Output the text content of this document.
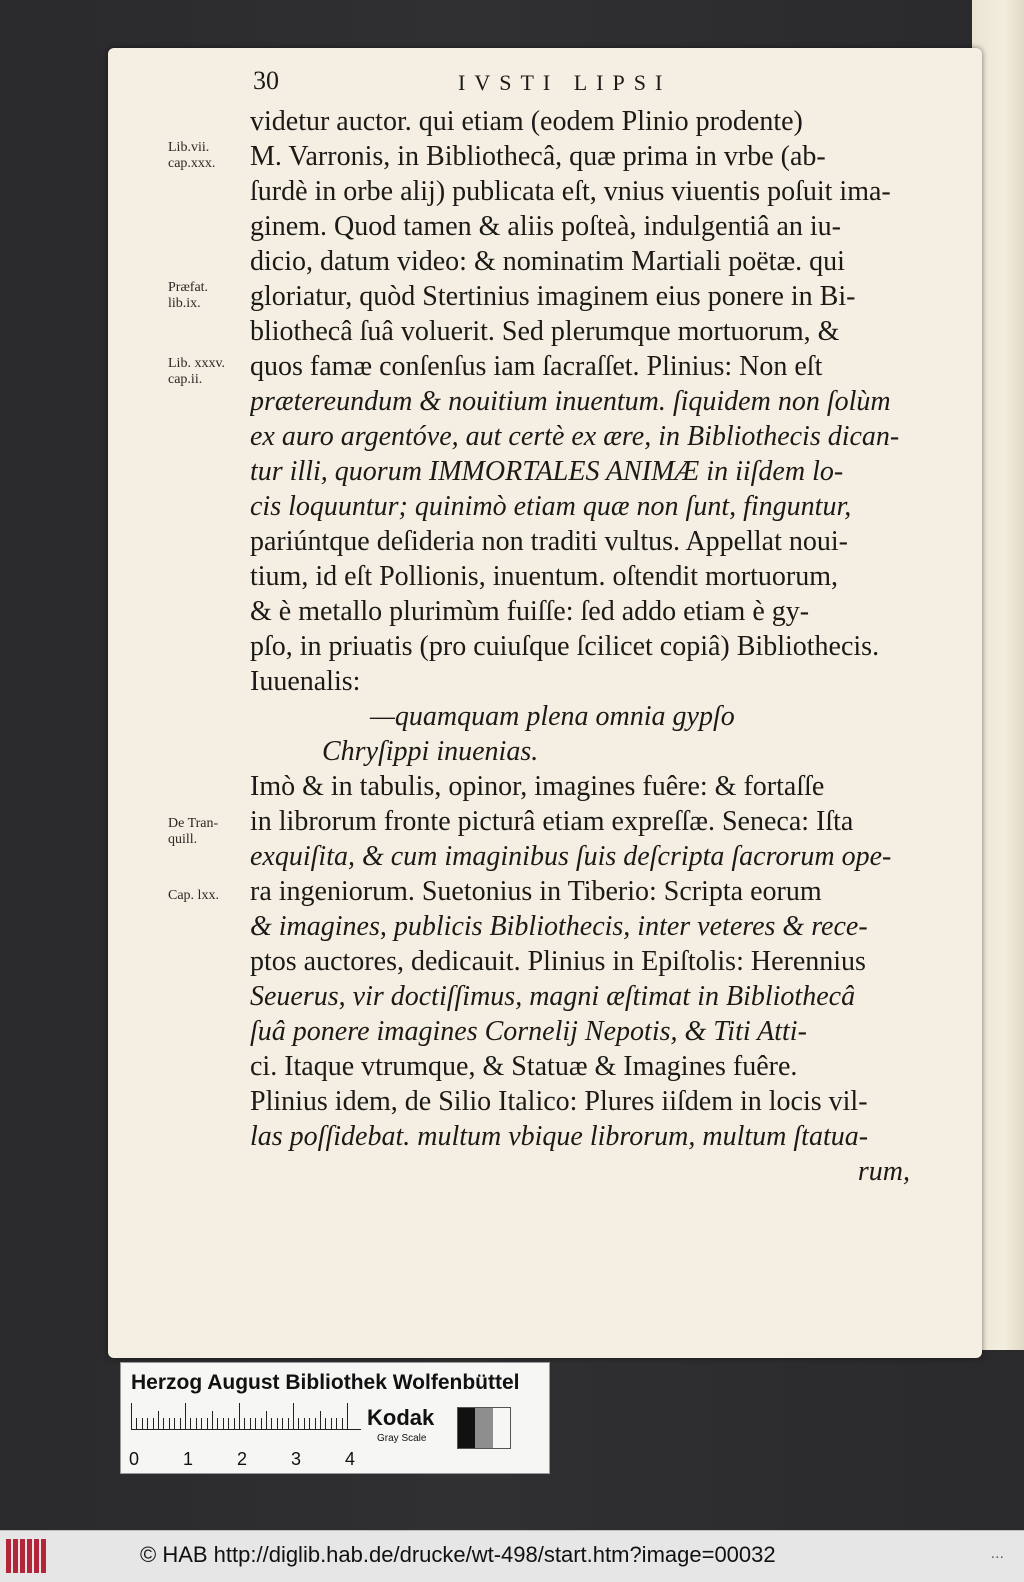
30	IVSTI LIPSI
Lib.vii.
cap.xxx.
Præfat.
lib.ix.
Lib. xxxv.
cap.ii.
De Tran-
quill.
Cap. lxx.
videtur auctor. qui etiam (eodem Plinio prodente)
M. Varronis, in Bibliothecâ, quæ prima in vrbe (ab-
ſurdè in orbe alij) publicata eſt, vnius viuentis poſuit ima-
ginem. Quod tamen & aliis poſteà, indulgentiâ an iu-
dicio, datum video: & nominatim Martiali poëtæ. qui
gloriatur, quòd Stertinius imaginem eius ponere in Bi-
bliothecâ ſuâ voluerit. Sed plerumque mortuorum, &
quos famæ conſenſus iam ſacraſſet. Plinius: Non eſt
prætereundum & nouitium inuentum. ſiquidem non ſolùm
ex auro argentóve, aut certè ex ære, in Bibliothecis dican-
tur illi, quorum IMMORTALES ANIMÆ in iiſdem lo-
cis loquuntur; quinimò etiam quæ non ſunt, finguntur,
pariúntque deſideria non traditi vultus. Appellat noui-
tium, id eſt Pollionis, inuentum. oſtendit mortuorum,
& è metallo plurimùm fuiſſe: ſed addo etiam è gy-
pſo, in priuatis (pro cuiuſque ſcilicet copiâ) Bibliothecis.
Iuuenalis:
—quamquam plena omnia gypſo
Chryſippi inuenias.
Imò & in tabulis, opinor, imagines fuêre: & fortaſſe
in librorum fronte picturâ etiam expreſſæ. Seneca: Iſta
exquiſita, & cum imaginibus ſuis deſcripta ſacrorum ope-
ra ingeniorum. Suetonius in Tiberio: Scripta eorum
& imagines, publicis Bibliothecis, inter veteres & rece-
ptos auctores, dedicauit. Plinius in Epiſtolis: Herennius
Seuerus, vir doctiſſimus, magni æſtimat in Bibliothecâ
ſuâ ponere imagines Cornelij Nepotis, & Titi Atti-
ci. Itaque vtrumque, & Statuæ & Imagines fuêre.
Plinius idem, de Silio Italico: Plures iiſdem in locis vil-
las poſſidebat. multum vbique librorum, multum ſtatua-
rum,
Herzog August Bibliothek Wolfenbüttel
0 1 2 3 4
Kodak
Gray Scale
© HAB http://diglib.hab.de/drucke/wt-498/start.htm?image=00032	...
